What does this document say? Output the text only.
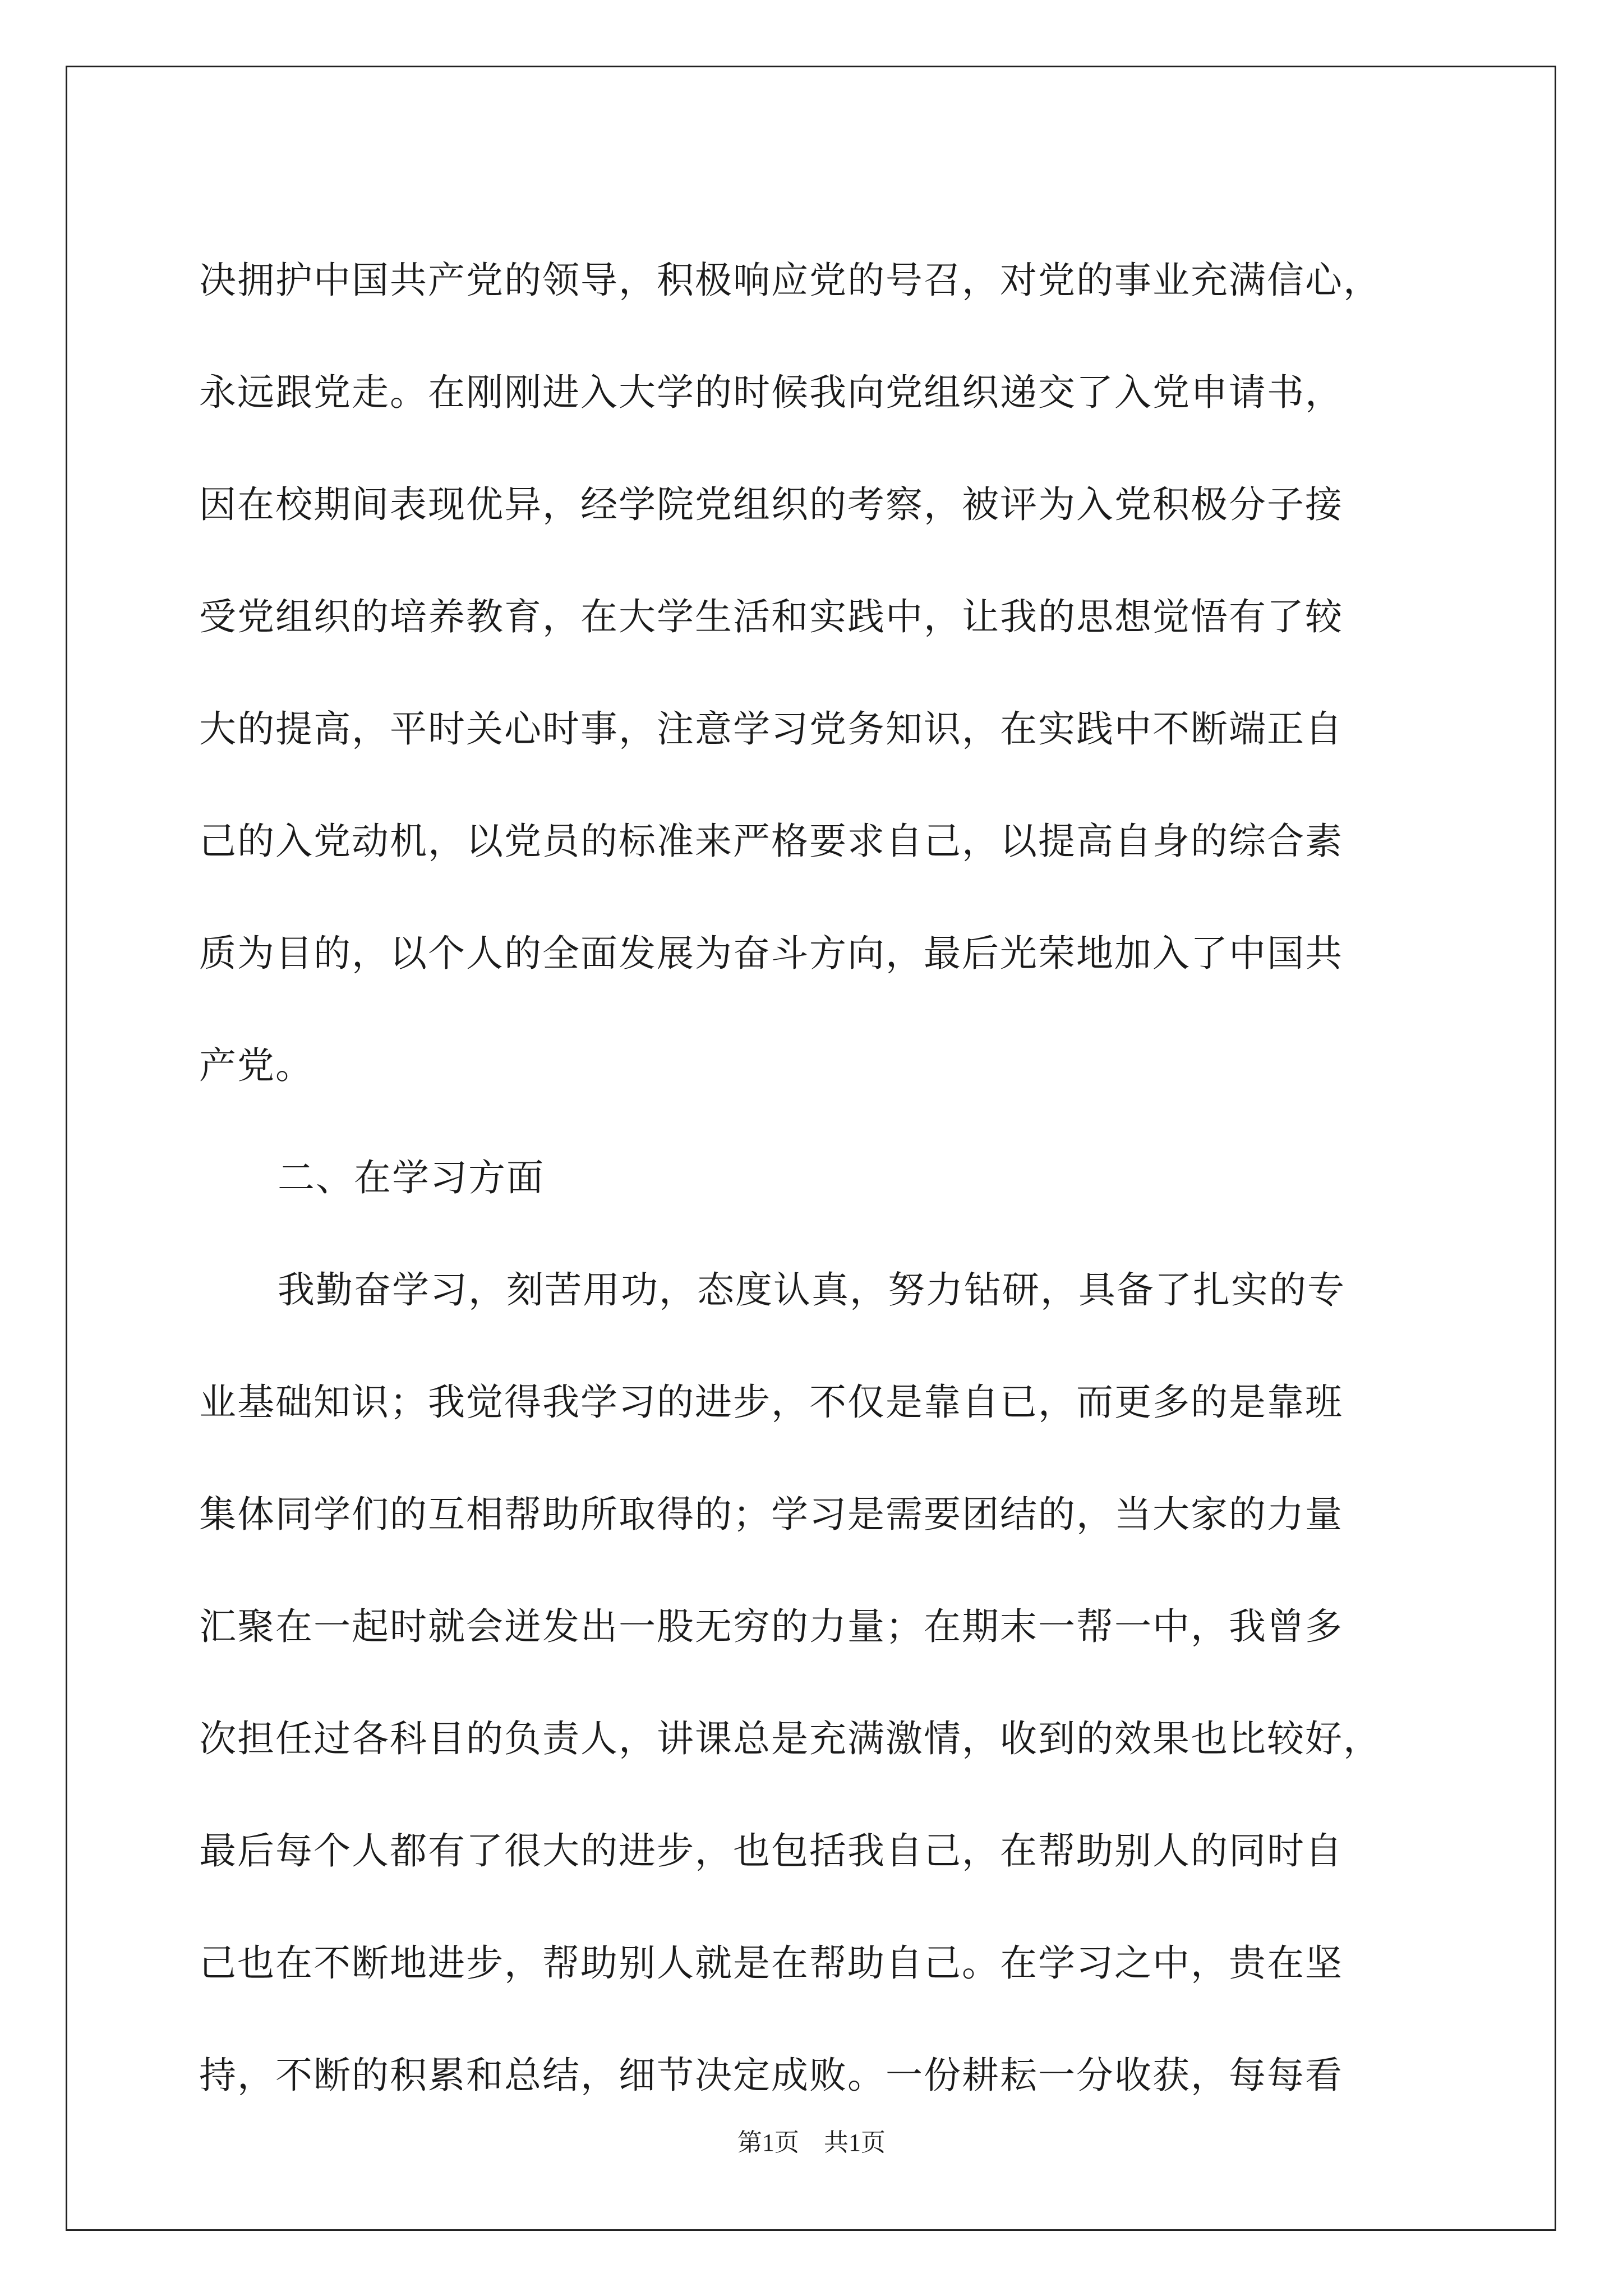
决拥护中国共产党的领导，积极响应党的号召，对党的事业充满信心，
永远跟党走。在刚刚进入大学的时候我向党组织递交了入党申请书，
因在校期间表现优异，经学院党组织的考察，被评为入党积极分子接
受党组织的培养教育，在大学生活和实践中，让我的思想觉悟有了较
大的提高，平时关心时事，注意学习党务知识，在实践中不断端正自
己的入党动机，以党员的标准来严格要求自己，以提高自身的综合素
质为目的，以个人的全面发展为奋斗方向，最后光荣地加入了中国共
产党。
二、在学习方面
我勤奋学习，刻苦用功，态度认真，努力钻研，具备了扎实的专
业基础知识；我觉得我学习的进步，不仅是靠自已，而更多的是靠班
集体同学们的互相帮助所取得的；学习是需要团结的，当大家的力量
汇聚在一起时就会迸发出一股无穷的力量；在期末一帮一中，我曾多
次担任过各科目的负责人，讲课总是充满激情，收到的效果也比较好，
最后每个人都有了很大的进步，也包括我自己，在帮助别人的同时自
己也在不断地进步，帮助别人就是在帮助自己。在学习之中，贵在坚
持，不断的积累和总结，细节决定成败。一份耕耘一分收获，每每看
第1页　共1页
